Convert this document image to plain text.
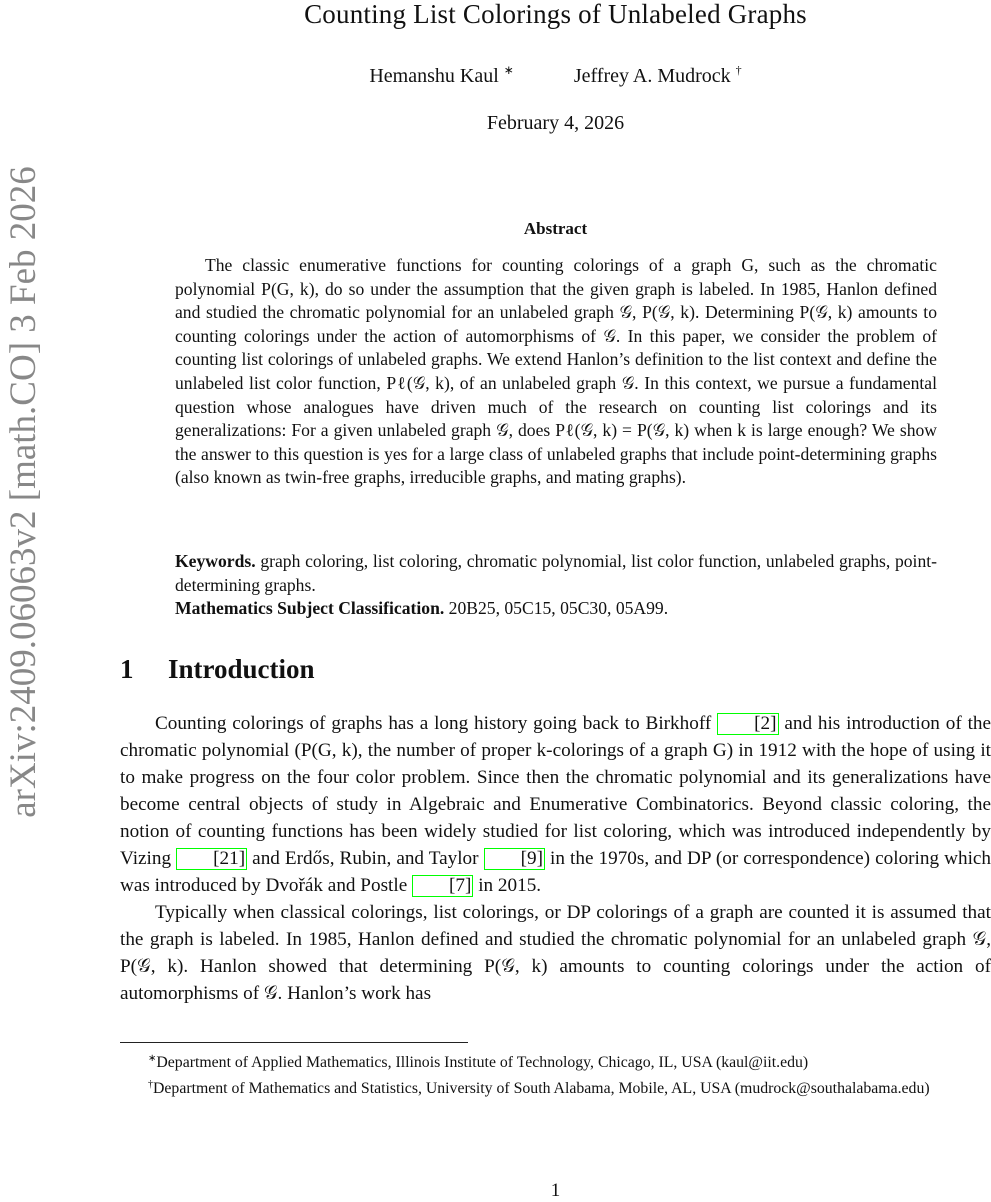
arXiv:2409.06063v2 [math.CO] 3 Feb 2026
Counting List Colorings of Unlabeled Graphs
Hemanshu Kaul ∗	Jeffrey A. Mudrock †
February 4, 2026
Abstract

The classic enumerative functions for counting colorings of a graph G, such as the chromatic polynomial P(G, k), do so under the assumption that the given graph is labeled. In 1985, Hanlon defined and studied the chromatic polynomial for an unlabeled graph 𝒢, P(𝒢, k). Determining P(𝒢, k) amounts to counting colorings under the action of automorphisms of 𝒢. In this paper, we consider the problem of counting list colorings of unlabeled graphs. We extend Hanlon’s definition to the list context and define the unlabeled list color function, Pℓ(𝒢, k), of an unlabeled graph 𝒢. In this context, we pursue a fundamental question whose analogues have driven much of the research on counting list colorings and its generalizations: For a given unlabeled graph 𝒢, does Pℓ(𝒢, k) = P(𝒢, k) when k is large enough? We show the answer to this question is yes for a large class of unlabeled graphs that include point-determining graphs (also known as twin-free graphs, irreducible graphs, and mating graphs).

Keywords. graph coloring, list coloring, chromatic polynomial, list color function, unlabeled graphs, point-determining graphs.
Mathematics Subject Classification. 20B25, 05C15, 05C30, 05A99.
1 Introduction

Counting colorings of graphs has a long history going back to Birkhoff [2] and his introduction of the chromatic polynomial (P(G, k), the number of proper k-colorings of a graph G) in 1912 with the hope of using it to make progress on the four color problem. Since then the chromatic polynomial and its generalizations have become central objects of study in Algebraic and Enumerative Combinatorics. Beyond classic coloring, the notion of counting functions has been widely studied for list coloring, which was introduced independently by Vizing [21] and Erdős, Rubin, and Taylor [9] in the 1970s, and DP (or correspondence) coloring which was introduced by Dvořák and Postle [7] in 2015.

Typically when classical colorings, list colorings, or DP colorings of a graph are counted it is assumed that the graph is labeled. In 1985, Hanlon defined and studied the chromatic polynomial for an unlabeled graph 𝒢, P(𝒢, k). Hanlon showed that determining P(𝒢, k) amounts to counting colorings under the action of automorphisms of 𝒢. Hanlon’s work has

∗Department of Applied Mathematics, Illinois Institute of Technology, Chicago, IL, USA (kaul@iit.edu)

†Department of Mathematics and Statistics, University of South Alabama, Mobile, AL, USA (mudrock@southalabama.edu)

1
